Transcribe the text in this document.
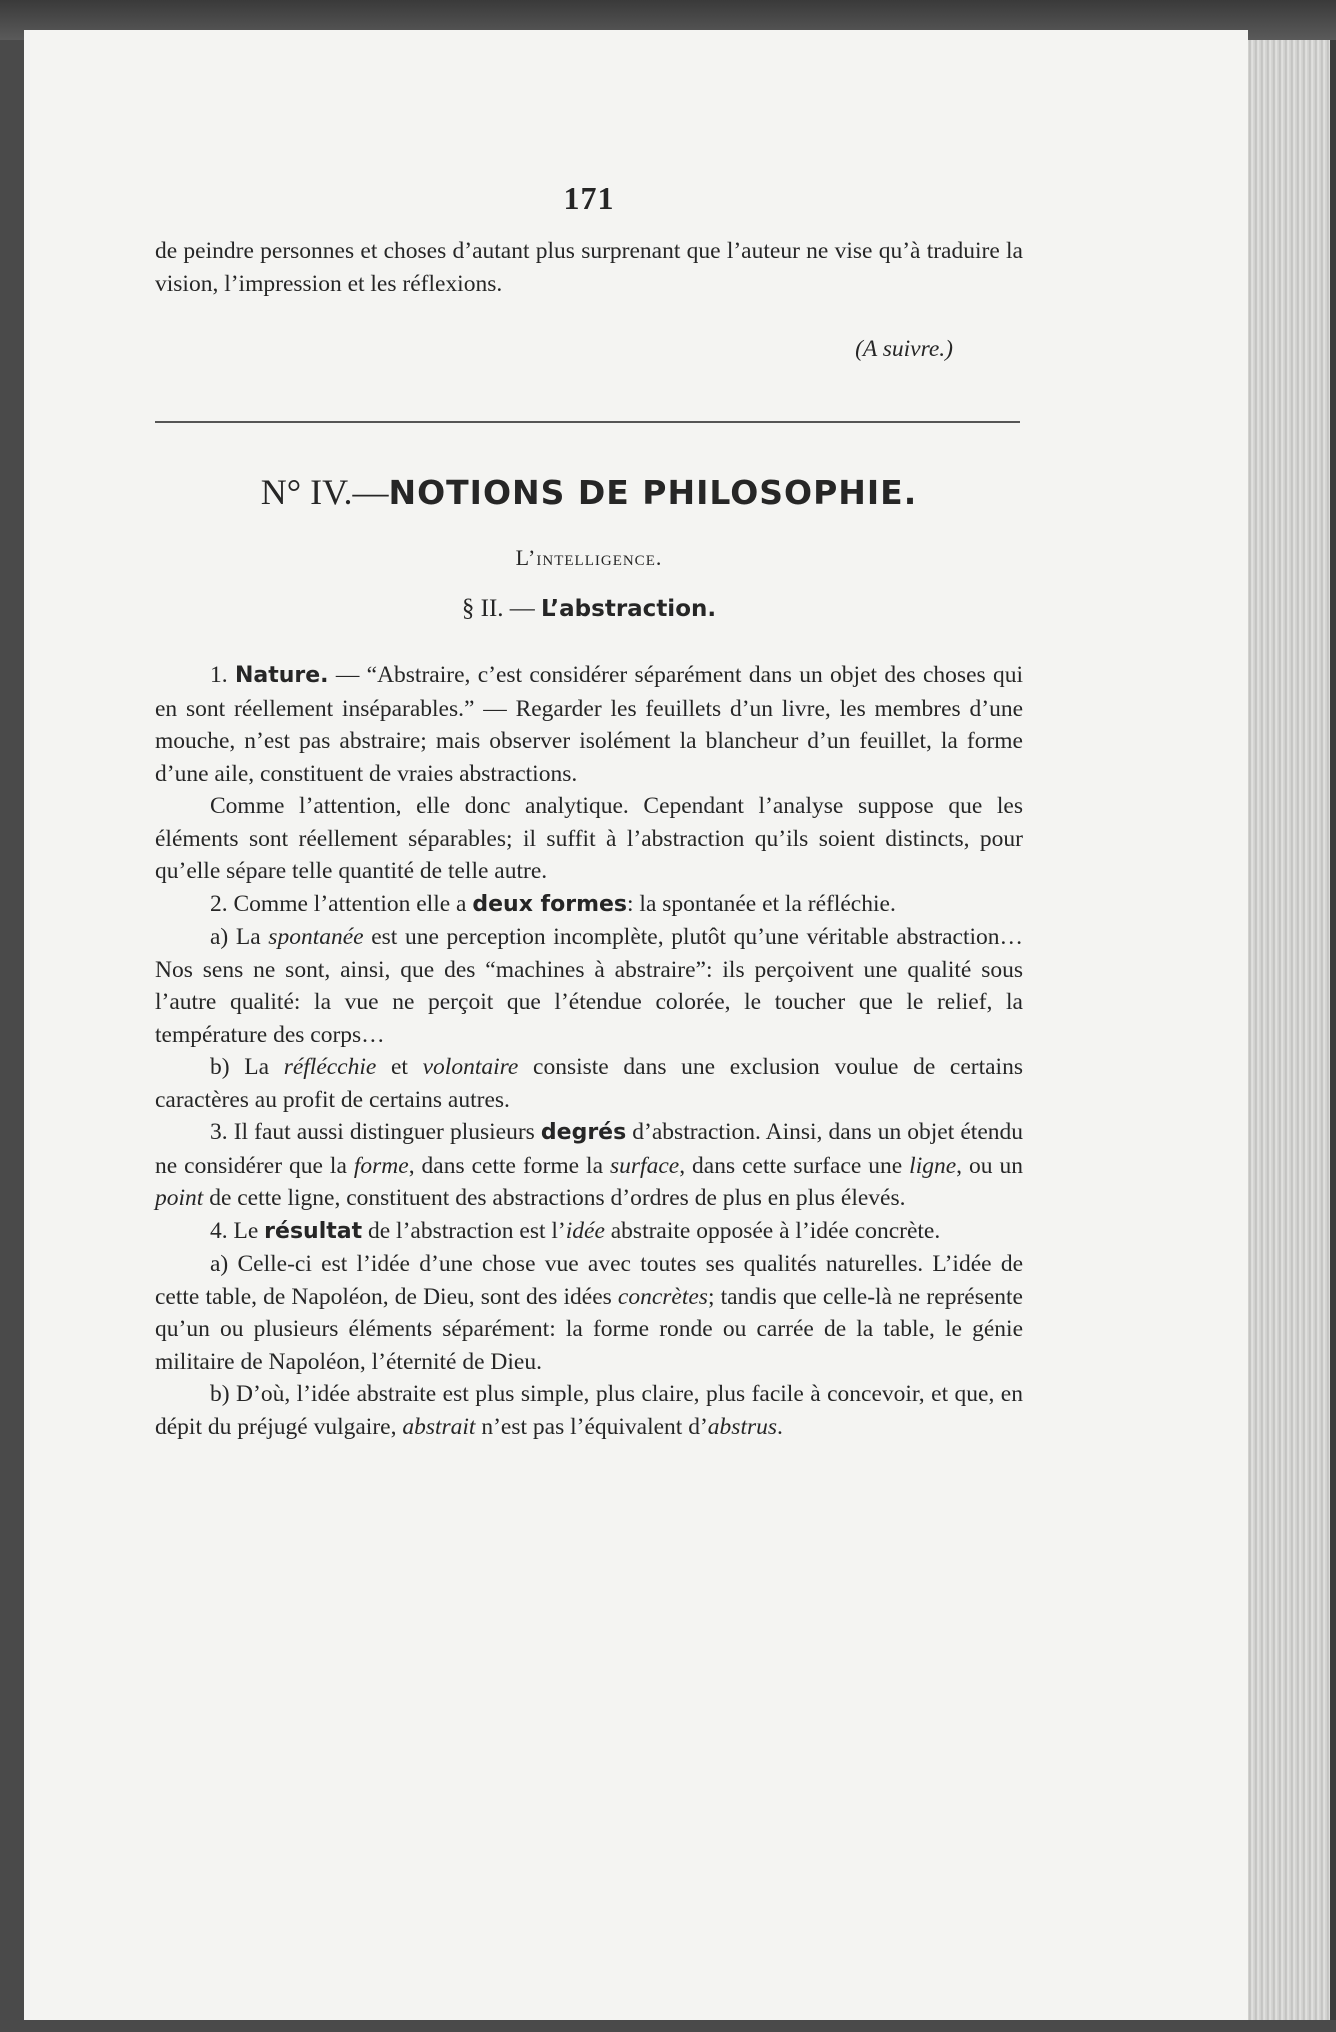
171

de peindre personnes et choses d’autant plus surprenant que l’auteur ne vise qu’à traduire la vision, l’impression et les réflexions.

(A suivre.)
N° IV.—NOTIONS DE PHILOSOPHIE.
L’intelligence.
§ II. — L’abstraction.

1. Nature. — “Abstraire, c’est considérer séparément dans un objet des choses qui en sont réellement inséparables.” — Regarder les feuillets d’un livre, les membres d’une mouche, n’est pas abstraire; mais observer isolément la blancheur d’un feuillet, la forme d’une aile, constituent de vraies abstractions.

Comme l’attention, elle donc analytique. Cependant l’analyse suppose que les éléments sont réellement séparables; il suffit à l’abstraction qu’ils soient distincts, pour qu’elle sépare telle quantité de telle autre.

2. Comme l’attention elle a deux formes: la spontanée et la réfléchie.

a) La spontanée est une perception incomplète, plutôt qu’une véritable abstraction… Nos sens ne sont, ainsi, que des “machines à abstraire”: ils perçoivent une qualité sous l’autre qualité: la vue ne perçoit que l’étendue colorée, le toucher que le relief, la température des corps…

b) La réflécchie et volontaire consiste dans une exclusion voulue de certains caractères au profit de certains autres.

3. Il faut aussi distinguer plusieurs degrés d’abstraction. Ainsi, dans un objet étendu ne considérer que la forme, dans cette forme la surface, dans cette surface une ligne, ou un point de cette ligne, constituent des abstractions d’ordres de plus en plus élevés.

4. Le résultat de l’abstraction est l’idée abstraite opposée à l’idée concrète.

a) Celle-ci est l’idée d’une chose vue avec toutes ses qualités naturelles. L’idée de cette table, de Napoléon, de Dieu, sont des idées concrètes; tandis que celle-là ne représente qu’un ou plusieurs éléments séparément: la forme ronde ou carrée de la table, le génie militaire de Napoléon, l’éternité de Dieu.

b) D’où, l’idée abstraite est plus simple, plus claire, plus facile à concevoir, et que, en dépit du préjugé vulgaire, abstrait n’est pas l’équivalent d’abstrus.
